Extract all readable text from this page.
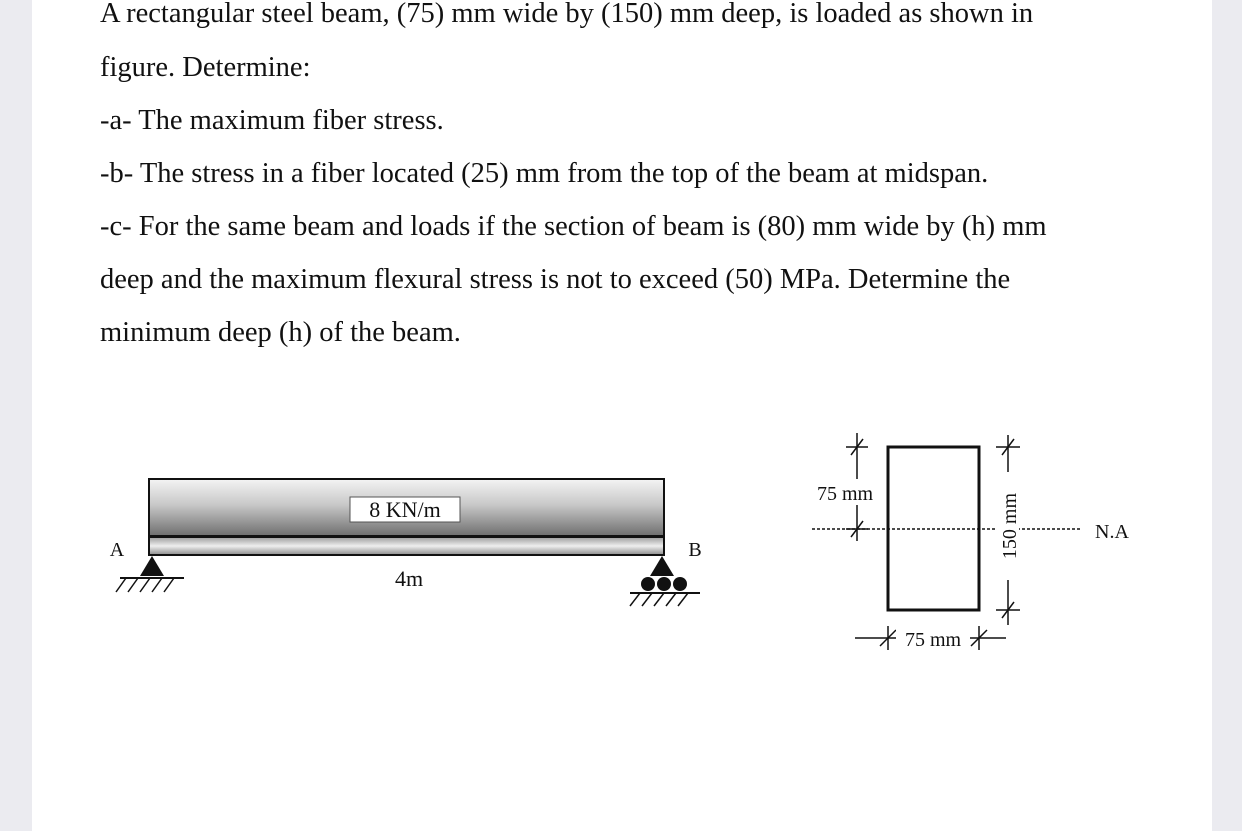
A rectangular steel beam, (75) mm wide by (150) mm deep, is loaded as shown in
figure. Determine:
-a- The maximum fiber stress.
-b- The stress in a fiber located (25) mm from the top of the beam at midspan.
-c- For the same beam and loads if the section of beam is (80) mm wide by (h) mm
deep and the maximum flexural stress is not to exceed (50) MPa. Determine the
minimum deep (h) of the beam.
8 KN/m
A	B
4m
N.A
75 mm	150 mm
75 mm
